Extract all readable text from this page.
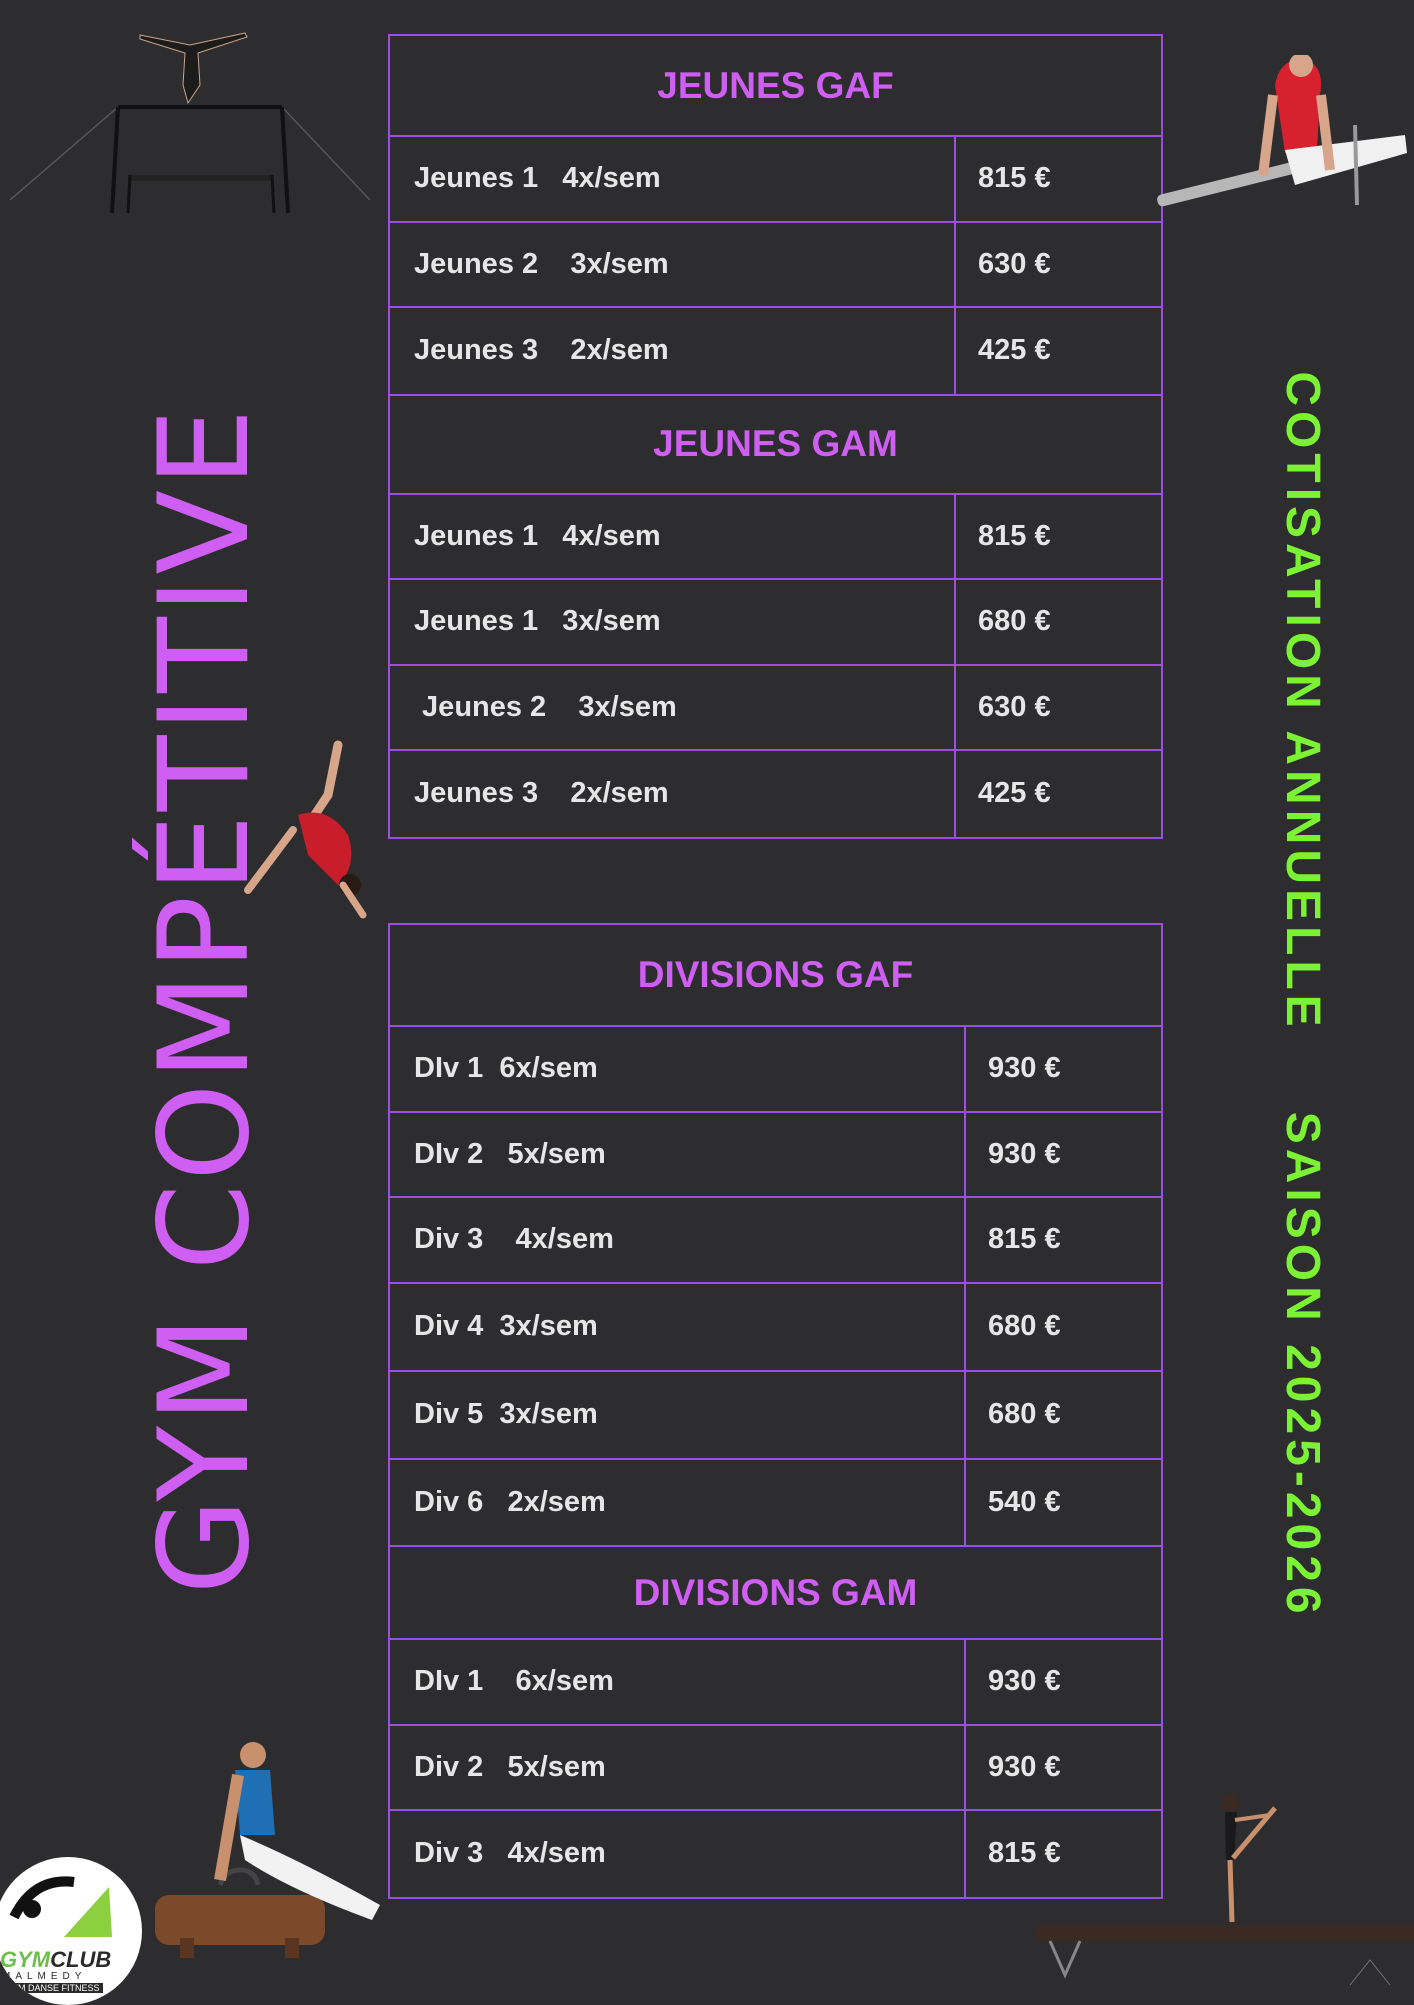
GYM COMPÉTITIVE	COTISATION ANNUELLESAISON 2025-2026
JEUNES GAF
Jeunes 1   4x/sem	815 €
Jeunes 2    3x/sem	630 €
Jeunes 3    2x/sem	425 €
JEUNES GAM
Jeunes 1   4x/sem	815 €
Jeunes 1   3x/sem	680 €
Jeunes 2    3x/sem	630 €
Jeunes 3    2x/sem	425 €
DIVISIONS GAF
DIv 1  6x/sem	930 €
DIv 2   5x/sem	930 €
Div 3    4x/sem	815 €
Div 4  3x/sem	680 €
Div 5  3x/sem	680 €
Div 6   2x/sem	540 €
DIVISIONS GAM
DIv 1    6x/sem	930 €
Div 2   5x/sem	930 €
Div 3   4x/sem	815 €
GYMCLUB
MALMEDY
GYM DANSE FITNESS
